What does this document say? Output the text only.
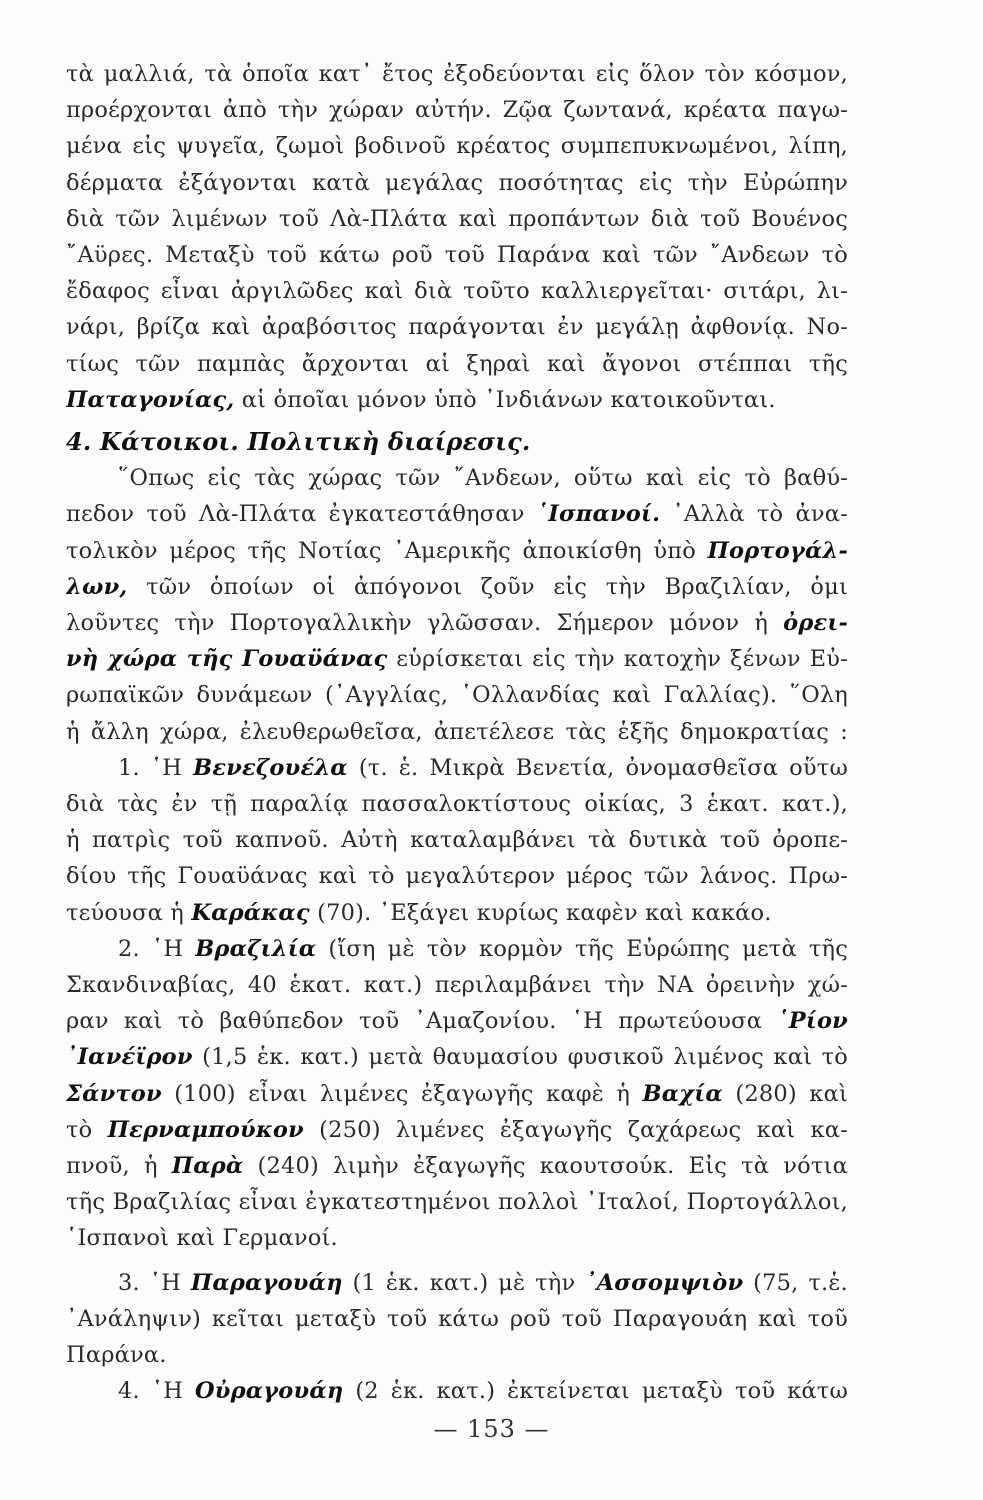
τὰ μαλλιά, τὰ ὁποῖα κατ᾿ ἔτος ἐξοδεύονται εἰς ὅλον τὸν κόσμον,
προέρχονται ἀπὸ τὴν χώραν αὐτήν. Ζῷα ζωντανά, κρέατα παγω-
μένα εἰς ψυγεῖα, ζωμοὶ βοδινοῦ κρέατος συμπεπυκνωμένοι, λίπη,
δέρματα ἐξάγονται κατὰ μεγάλας ποσότητας εἰς τὴν Εὐρώπην
διὰ τῶν λιμένων τοῦ Λὰ-Πλάτα καὶ προπάντων διὰ τοῦ Βουένος
῎Αϋρες. Μεταξὺ τοῦ κάτω ροῦ τοῦ Παράνα καὶ τῶν ῎Ανδεων τὸ
ἔδαφος εἶναι ἀργιλῶδες καὶ διὰ τοῦτο καλλιεργεῖται· σιτάρι, λι-
νάρι, βρίζα καὶ ἀραβόσιτος παράγονται ἐν μεγάλῃ ἀφθονίᾳ. Νο-
τίως τῶν παμπὰς ἄρχονται αἱ ξηραὶ καὶ ἄγονοι στέππαι τῆς
Παταγονίας, αἱ ὁποῖαι μόνον ὑπὸ ᾿Ινδιάνων κατοικοῦνται.
4. Κάτοικοι. Πολιτικὴ διαίρεσις.
῞Οπως εἰς τὰς χώρας τῶν ῎Ανδεων, οὕτω καὶ εἰς τὸ βαθύ-
πεδον τοῦ Λὰ-Πλάτα ἐγκατεστάθησαν ῾Ισπανοί. ᾿Αλλὰ τὸ ἀνα-
τολικὸν μέρος τῆς Νοτίας ᾿Αμερικῆς ἀποικίσθη ὑπὸ Πορτογάλ-
λων, τῶν ὁποίων οἱ ἀπόγονοι ζοῦν εἰς τὴν Βραζιλίαν, ὁμι
λοῦντες τὴν Πορτογαλλικὴν γλῶσσαν. Σήμερον μόνον ἡ ὀρει-
νὴ χώρα τῆς Γουαϋάνας εὑρίσκεται εἰς τὴν κατοχὴν ξένων Εὐ-
ρωπαϊκῶν δυνάμεων (᾿Αγγλίας, ῾Ολλανδίας καὶ Γαλλίας). ῞Ολη
ἡ ἄλλη χώρα, ἐλευθερωθεῖσα, ἀπετέλεσε τὰς ἑξῆς δημοκρατίας :
1. ῾Η Βενεζουέλα (τ. ἑ. Μικρὰ Βενετία, ὀνομασθεῖσα οὕτω
διὰ τὰς ἐν τῇ παραλίᾳ πασσαλοκτίστους οἰκίας, 3 ἑκατ. κατ.),
ἡ πατρὶς τοῦ καπνοῦ. Αὐτὴ καταλαμβάνει τὰ δυτικὰ τοῦ ὀροπε-
δίου τῆς Γουαϋάνας καὶ τὸ μεγαλύτερον μέρος τῶν λάνος. Πρω-
τεύουσα ἡ Καράκας (70). ᾿Εξάγει κυρίως καφὲν καὶ κακάο.
2. ῾Η Βραζιλία (ἴση μὲ τὸν κορμὸν τῆς Εὐρώπης μετὰ τῆς
Σκανδιναβίας, 40 ἑκατ. κατ.) περιλαμβάνει τὴν ΝΑ ὀρεινὴν χώ-
ραν καὶ τὸ βαθύπεδον τοῦ ᾿Αμαζονίου. ῾Η πρωτεύουσα ῾Ρίον
᾿Ιανέϊρον (1,5 ἑκ. κατ.) μετὰ θαυμασίου φυσικοῦ λιμένος καὶ τὸ
Σάντον (100) εἶναι λιμένες ἐξαγωγῆς καφὲ ἡ Βαχία (280) καὶ
τὸ Περναμπούκον (250) λιμένες ἐξαγωγῆς ζαχάρεως καὶ κα-
πνοῦ, ἡ Παρὰ (240) λιμὴν ἐξαγωγῆς καουτσούκ. Εἰς τὰ νότια
τῆς Βραζιλίας εἶναι ἐγκατεστημένοι πολλοὶ ᾿Ιταλοί, Πορτογάλλοι,
῾Ισπανοὶ καὶ Γερμανοί.
3. ῾Η Παραγουάη (1 ἑκ. κατ.) μὲ τὴν ᾿Ασσομψιὸν (75, τ.ἑ.
᾿Ανάληψιν) κεῖται μεταξὺ τοῦ κάτω ροῦ τοῦ Παραγουάη καὶ τοῦ
Παράνα.
4. ῾Η Οὐραγουάη (2 ἑκ. κατ.) ἐκτείνεται μεταξὺ τοῦ κάτω
— 153 —
